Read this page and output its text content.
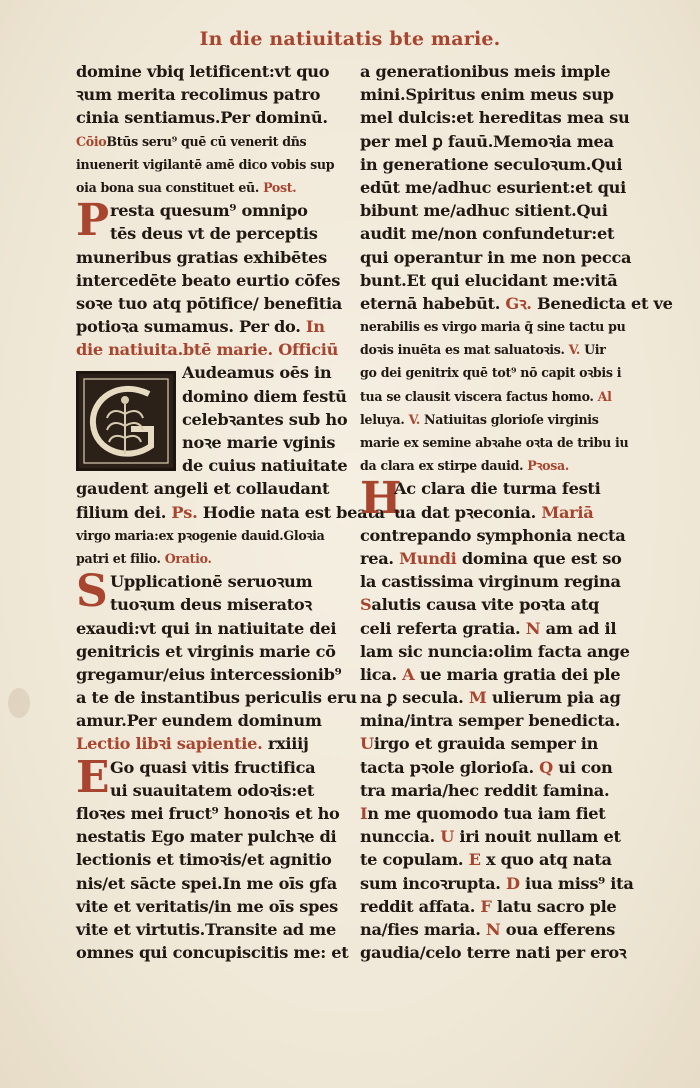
In die natiuitatis bte marie.
domine vbiq letificent:vt quo
ꝛum merita recolimus patro
cinia sentiamus.Per dominū.
CōioBtūs seru⁹ quē cū venerit dn̄s
inuenerit vigilantē amē dico vobis sup
oia bona sua constituet eū. Post.
P resta quesum⁹ omnipo
tēs deus vt de perceptis
muneribus gratias exhibētes
intercedēte beato eurtio cōfes
soꝛe tuo atq pōtifice/ benefitia
potioꝛa sumamus. Per do. In
die natiuita.btē marie. Officiū
Audeamus oēs in
domino diem festū
celebꝛantes sub ho
noꝛe marie vginis
de cuius natiuitate
gaudent angeli et collaudant
filium dei. Ps. Hodie nata est beata
virgo maria:ex pꝛogenie dauid.Gloꝛia
patri et filio. Oratio.
S Upplicationē seruoꝛum
tuoꝛum deus miseratoꝛ
exaudi:vt qui in natiuitate dei
genitricis et virginis marie cō
gregamur/eius intercessionib⁹
a te de instantibus periculis eru
amur.Per eundem dominum
Lectio libꝛi sapientie. rxiiij
E Go quasi vitis fructifica
ui suauitatem odoꝛis:et
floꝛes mei fruct⁹ honoꝛis et ho
nestatis Ego mater pulchꝛe di
lectionis et timoꝛis/et agnitio
nis/et sācte spei.In me oīs gfa
vite et veritatis/in me oīs spes
vite et virtutis.Transite ad me
omnes qui concupiscitis me: et
a generationibus meis imple
mini.Spiritus enim meus sup
mel dulcis:et hereditas mea su
per mel ꝑ fauū.Memoꝛia mea
in generatione seculoꝛum.Qui
edūt me/adhuc esurient:et qui
bibunt me/adhuc sitient.Qui
audit me/non confundetur:et
qui operantur in me non pecca
bunt.Et qui elucidant me:vitā
eternā habebūt. Gꝛ. Benedicta et ve
nerabilis es virgo maria q̄ sine tactu pu
doꝛis inuēta es mat saluatoꝛis. V. Uir
go dei genitrix quē tot⁹ nō capit oꝛbis i
tua se clausit viscera factus homo. Al
leluya. V. Natiuitas glorioſe virginis
marie ex semine abꝛahe oꝛta de tribu iu
da clara ex stirpe dauid. Pꝛosa.
H
Ac clara die turma festi
ua dat pꝛeconia. Mariā
contrepando symphonia necta
rea. Mundi domina que est so
la castissima virginum regina
Salutis causa vite poꝛta atq
celi referta gratia. N am ad il
lam sic nuncia:olim facta ange
lica. A ue maria gratia dei ple
na ꝑ secula. M ulierum pia ag
mina/intra semper benedicta.
Uirgo et grauida semper in
tacta pꝛole glorioſa. Q ui con
tra maria/hec reddit famina.
In me quomodo tua iam fiet
nunccia. U iri nouit nullam et
te copulam. E x quo atq nata
sum incoꝛrupta. D iua miss⁹ ita
reddit affata. F latu sacro ple
na/fies maria. N oua efferens
gaudia/celo terre nati per eroꝛ
